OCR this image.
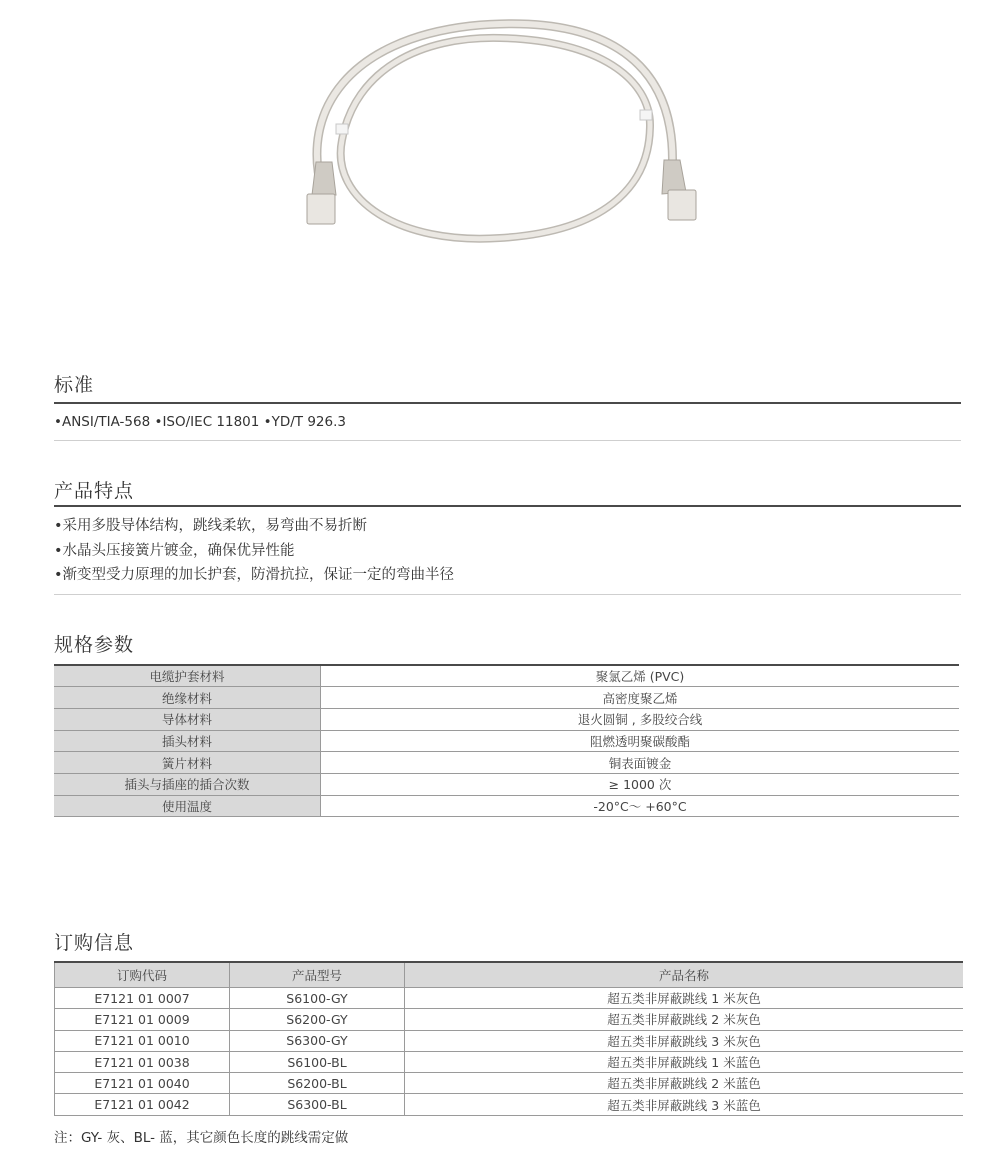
标准
•ANSI/TIA-568 •ISO/IEC 11801 •YD/T 926.3
产品特点
•采用多股导体结构，跳线柔软，易弯曲不易折断
•水晶头压接簧片镀金，确保优异性能
•渐变型受力原理的加长护套，防滑抗拉，保证一定的弯曲半径
规格参数
电缆护套材料	聚氯乙烯 (PVC)
绝缘材料	高密度聚乙烯
导体材料	退火圆铜 , 多股绞合线
插头材料	阻燃透明聚碳酸酯
簧片材料	铜表面镀金
插头与插座的插合次数	≥ 1000 次
使用温度	-20°C～ +60°C
订购信息
订购代码	产品型号	产品名称
E7121 01 0007	S6100-GY	超五类非屏蔽跳线 1 米灰色
E7121 01 0009	S6200-GY	超五类非屏蔽跳线 2 米灰色
E7121 01 0010	S6300-GY	超五类非屏蔽跳线 3 米灰色
E7121 01 0038	S6100-BL	超五类非屏蔽跳线 1 米蓝色
E7121 01 0040	S6200-BL	超五类非屏蔽跳线 2 米蓝色
E7121 01 0042	S6300-BL	超五类非屏蔽跳线 3 米蓝色
注：GY- 灰、BL- 蓝，其它颜色长度的跳线需定做
